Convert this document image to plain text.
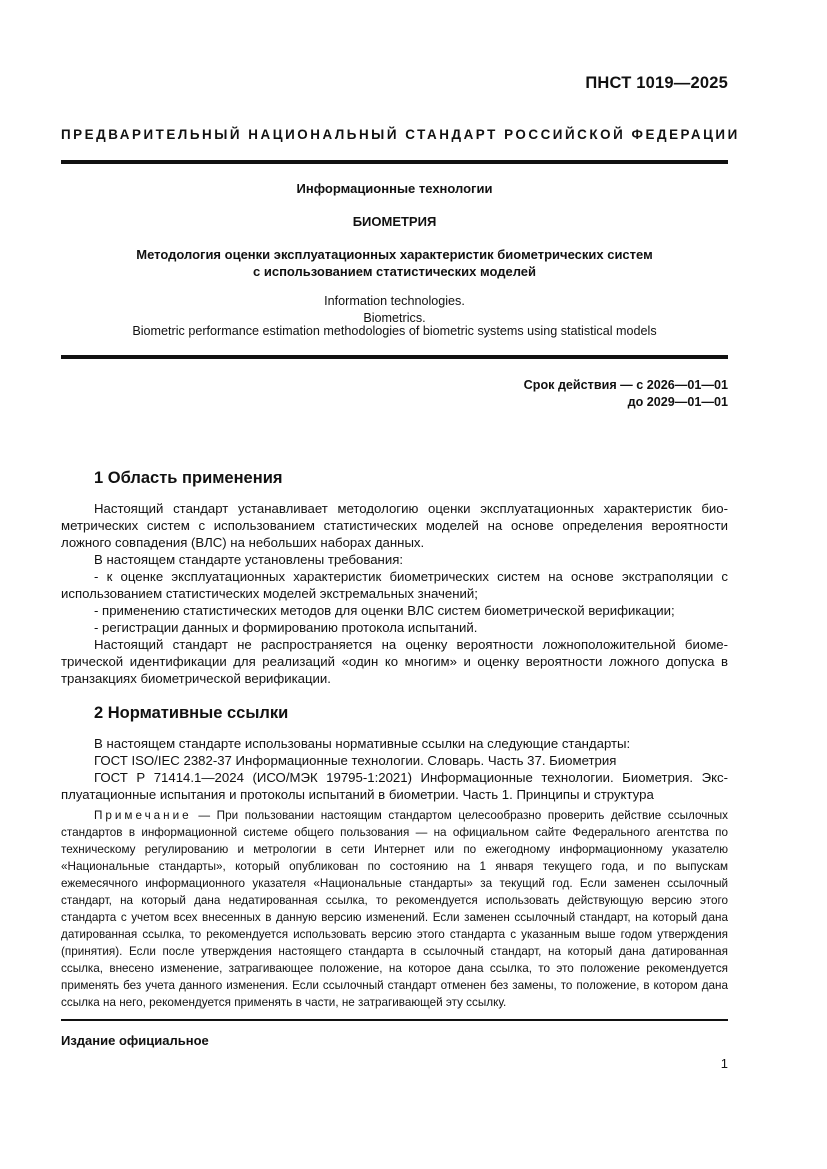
ПНСТ 1019—2025
ПРЕДВАРИТЕЛЬНЫЙ НАЦИОНАЛЬНЫЙ СТАНДАРТ РОССИЙСКОЙ ФЕДЕРАЦИИ
Информационные технологии
БИОМЕТРИЯ
Методология оценки эксплуатационных характеристик биометрических систем
с использованием статистических моделей
Information technologies.
Biometrics.
Biometric performance estimation methodologies of biometric systems using statistical models
Срок действия — с 2026—01—01
до 2029—01—01
1 Область применения
Настоящий стандарт устанавливает методологию оценки эксплуатационных характеристик биометрических систем с использованием статистических моделей на основе определения вероятности ложного совпадения (ВЛС) на небольших наборах данных.
В настоящем стандарте установлены требования:
- к оценке эксплуатационных характеристик биометрических систем на основе экстраполяции с использованием статистических моделей экстремальных значений;
- применению статистических методов для оценки ВЛС систем биометрической верификации;
- регистрации данных и формированию протокола испытаний.
Настоящий стандарт не распространяется на оценку вероятности ложноположительной биометрической идентификации для реализаций «один ко многим» и оценку вероятности ложного допуска в транзакциях биометрической верификации.
2 Нормативные ссылки
В настоящем стандарте использованы нормативные ссылки на следующие стандарты:
ГОСТ ISO/IEC 2382-37 Информационные технологии. Словарь. Часть 37. Биометрия
ГОСТ Р 71414.1—2024 (ИСО/МЭК 19795-1:2021) Информационные технологии. Биометрия. Эксплуатационные испытания и протоколы испытаний в биометрии. Часть 1. Принципы и структура
Примечание — При пользовании настоящим стандартом целесообразно проверить действие ссылочных стандартов в информационной системе общего пользования — на официальном сайте Федерального агентства по техническому регулированию и метрологии в сети Интернет или по ежегодному информационному указателю «Национальные стандарты», который опубликован по состоянию на 1 января текущего года, и по выпускам ежемесячного информационного указателя «Национальные стандарты» за текущий год. Если заменен ссылочный стандарт, на который дана недатированная ссылка, то рекомендуется использовать действующую версию этого стандарта с учетом всех внесенных в данную версию изменений. Если заменен ссылочный стандарт, на который дана датированная ссылка, то рекомендуется использовать версию этого стандарта с указанным выше годом утверждения (принятия). Если после утверждения настоящего стандарта в ссылочный стандарт, на который дана датированная ссылка, внесено изменение, затрагивающее положение, на которое дана ссылка, то это положение рекомендуется применять без учета данного изменения. Если ссылочный стандарт отменен без замены, то положение, в котором дана ссылка на него, рекомендуется применять в части, не затрагивающей эту ссылку.
Издание официальное
1
